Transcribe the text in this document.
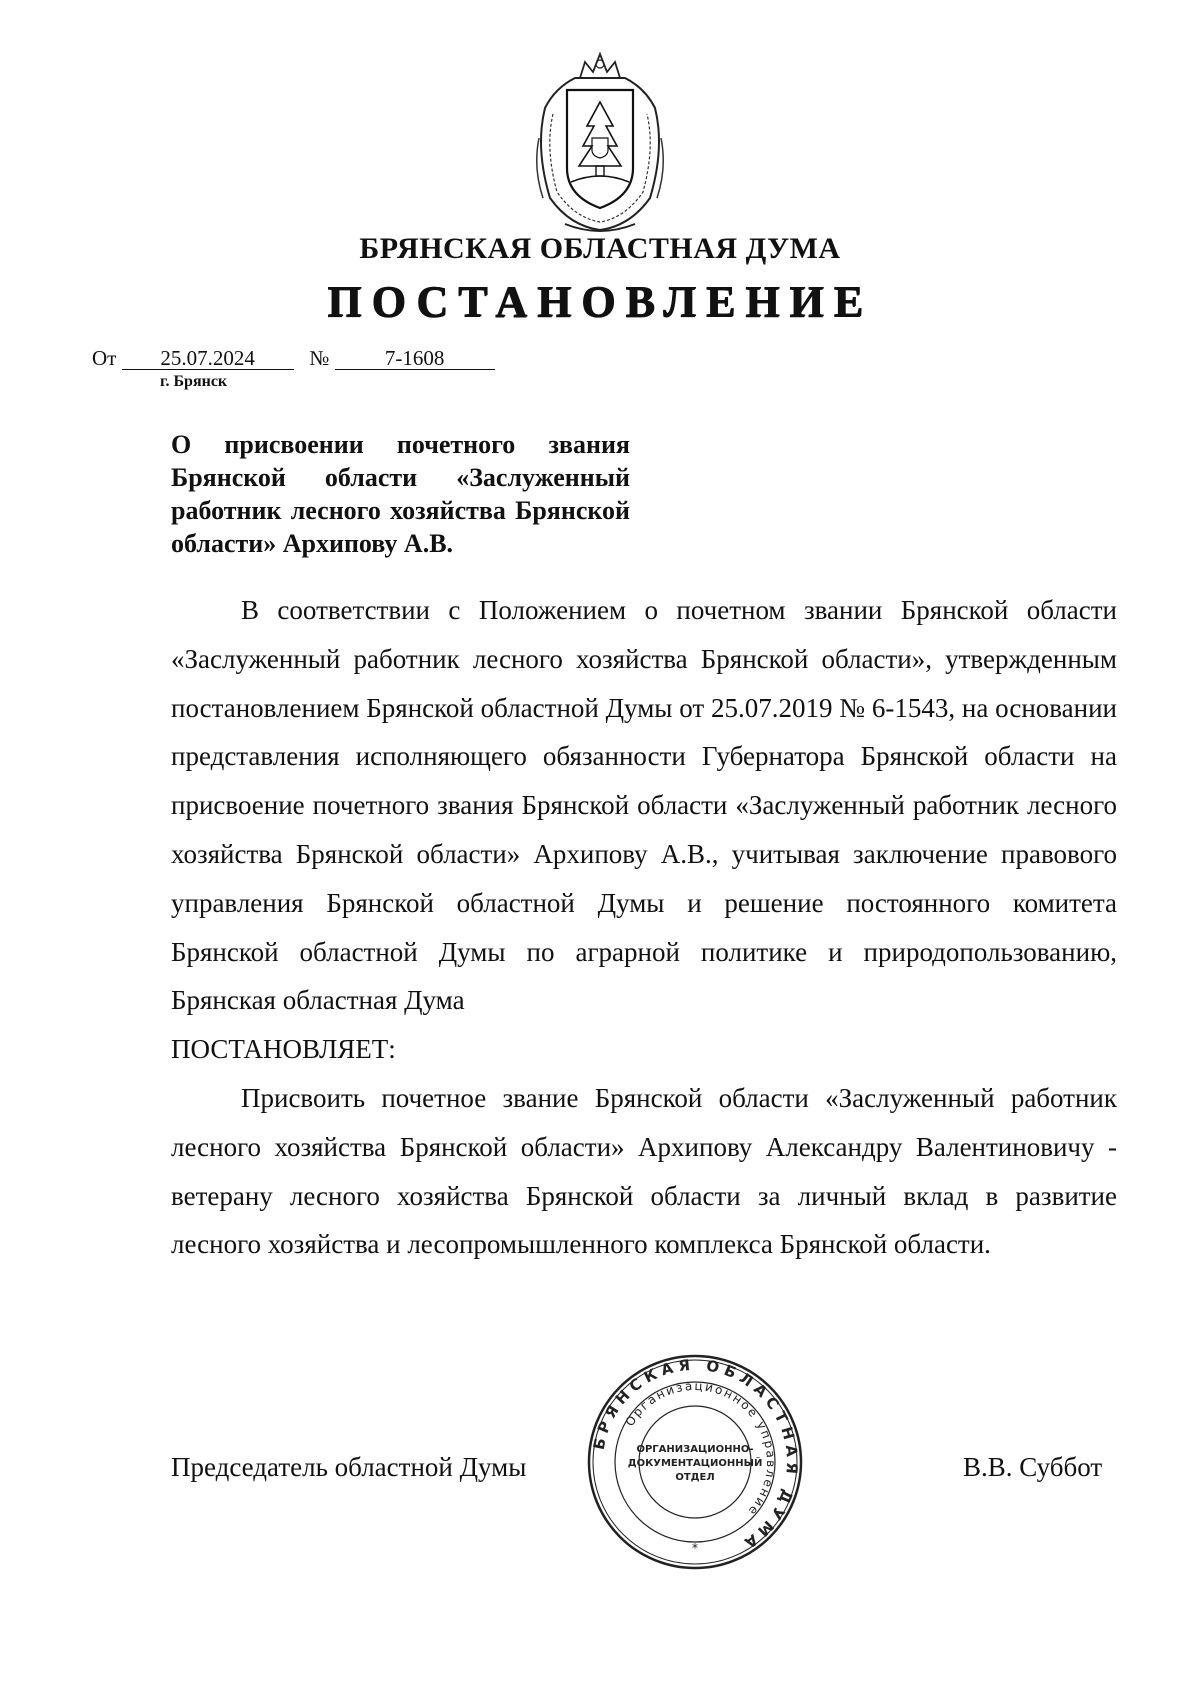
БРЯНСКАЯ ОБЛАСТНАЯ ДУМА
ПОСТАНОВЛЕНИЕ
От 25.07.2024	№	7-1608
г. Брянск
О присвоении почетного звания Брянской области «Заслуженный работник лесного хозяйства Брянской области» Архипову А.В.

В соответствии с Положением о почетном звании Брянской области «Заслуженный работник лесного хозяйства Брянской области», утвержденным постановлением Брянской областной Думы от 25.07.2019 № 6-1543, на основании представления исполняющего обязанности Губернатора Брянской области на присвоение почетного звания Брянской области «Заслуженный работник лесного хозяйства Брянской области» Архипову А.В., учитывая заключение правового управления Брянской областной Думы и решение постоянного комитета Брянской областной Думы по аграрной политике и природопользованию, Брянская областная Дума

ПОСТАНОВЛЯЕТ:

Присвоить почетное звание Брянской области «Заслуженный работник лесного хозяйства Брянской области» Архипову Александру Валентиновичу - ветерану лесного хозяйства Брянской области за личный вклад в развитие лесного хозяйства и лесопромышленного комплекса Брянской области.

Председатель областной Думы	В.В. Суббот
БРЯНСКАЯ ОБЛАСТНАЯ ДУМА
Организационное управление
ОРГАНИЗАЦИОННО-
ДОКУМЕНТАЦИОННЫЙ
ОТДЕЛ
*
